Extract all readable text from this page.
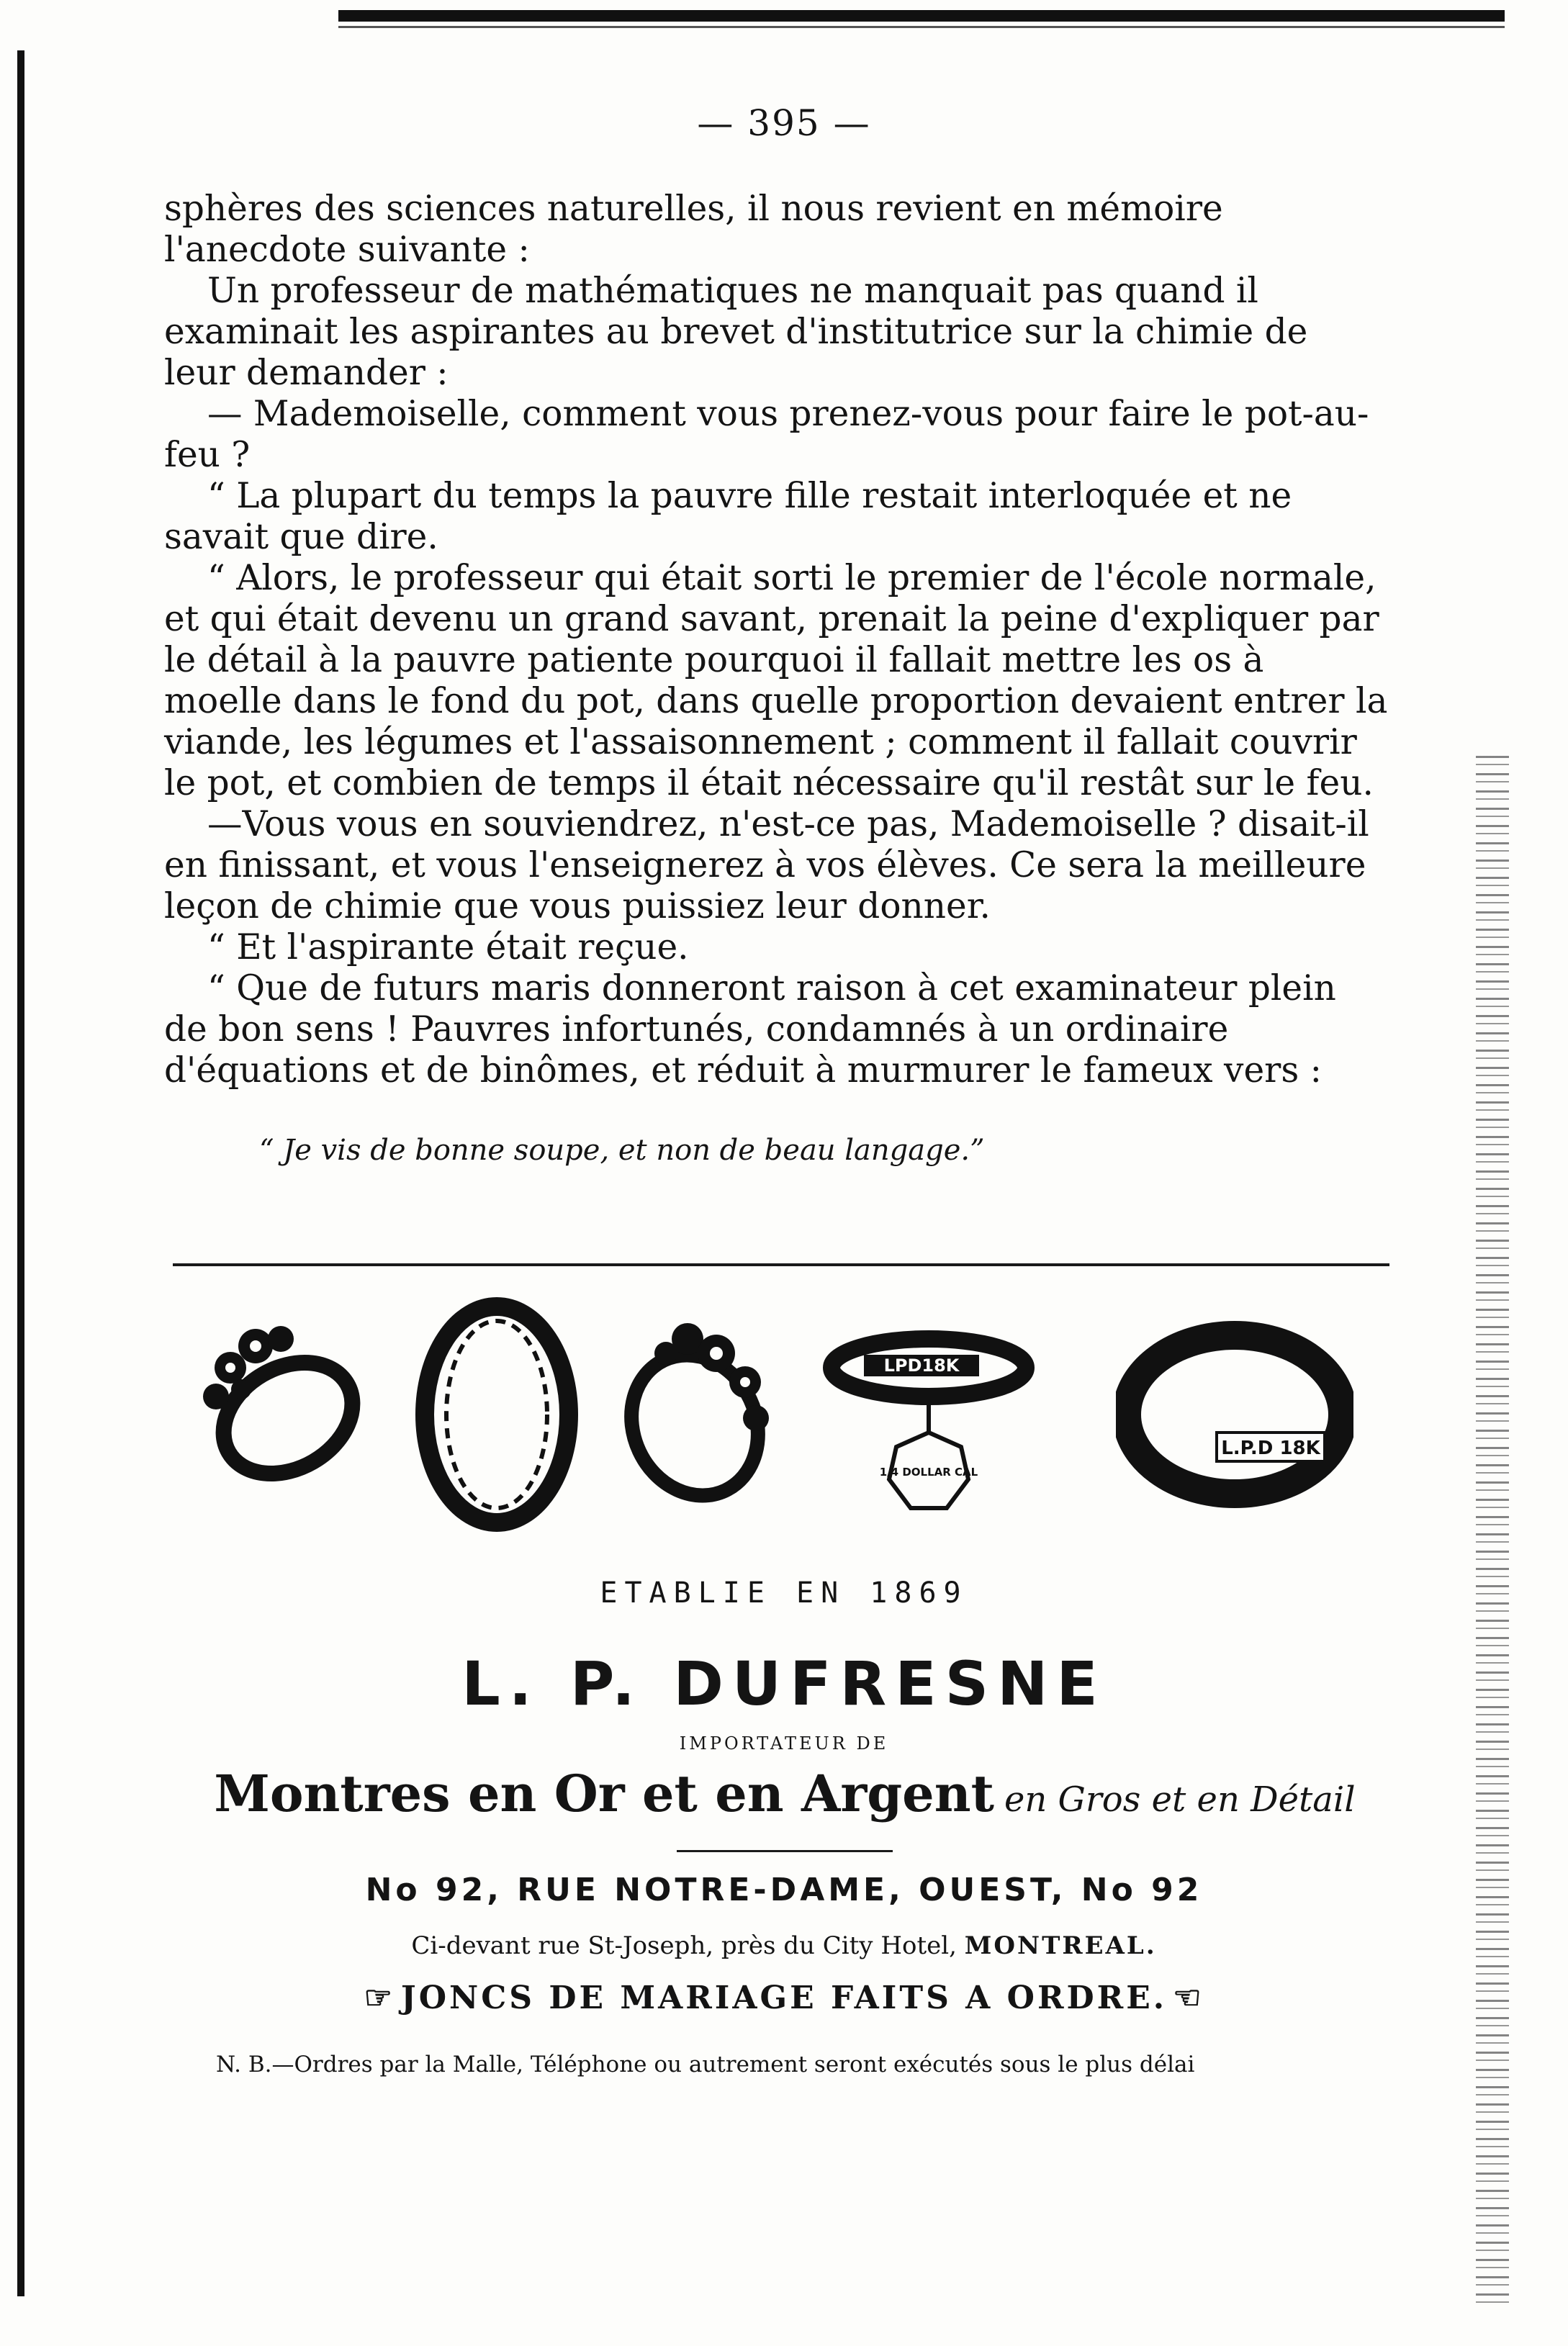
— 395 —

sphères des sciences naturelles, il nous revient en mémoire l'anecdote suivante :

Un professeur de mathématiques ne manquait pas quand il examinait les aspirantes au brevet d'institutrice sur la chimie de leur demander :

— Mademoiselle, comment vous prenez-vous pour faire le pot-au-feu ?

“ La plupart du temps la pauvre fille restait interloquée et ne savait que dire.

“ Alors, le professeur qui était sorti le premier de l'école normale, et qui était devenu un grand savant, prenait la peine d'expliquer par le détail à la pauvre patiente pourquoi il fallait mettre les os à moelle dans le fond du pot, dans quelle proportion devaient entrer la viande, les légumes et l'assaisonnement ; comment il fallait couvrir le pot, et combien de temps il était nécessaire qu'il restât sur le feu.

—Vous vous en souviendrez, n'est-ce pas, Mademoiselle ? disait-il en finissant, et vous l'enseignerez à vos élèves. Ce sera la meilleure leçon de chimie que vous puissiez leur donner.

“ Et l'aspirante était reçue.

“ Que de futurs maris donneront raison à cet examinateur plein de bon sens ! Pauvres infortunés, condamnés à un ordinaire d'équations et de binômes, et réduit à murmurer le fameux vers :

“ Je vis de bonne soupe, et non de beau langage.”
LPD18K
1/4 DOLLAR CAL
L.P.D 18K
ETABLIE EN 1869
L. P. DUFRESNE
IMPORTATEUR DE
Montres en Or et en Argent en Gros et en Détail
No 92, RUE NOTRE-DAME, OUEST, No 92
Ci-devant rue St-Joseph, près du City Hotel, MONTREAL.
☞ JONCS DE MARIAGE FAITS A ORDRE. ☜
N. B.—Ordres par la Malle, Téléphone ou autrement seront exécutés sous le plus délai
